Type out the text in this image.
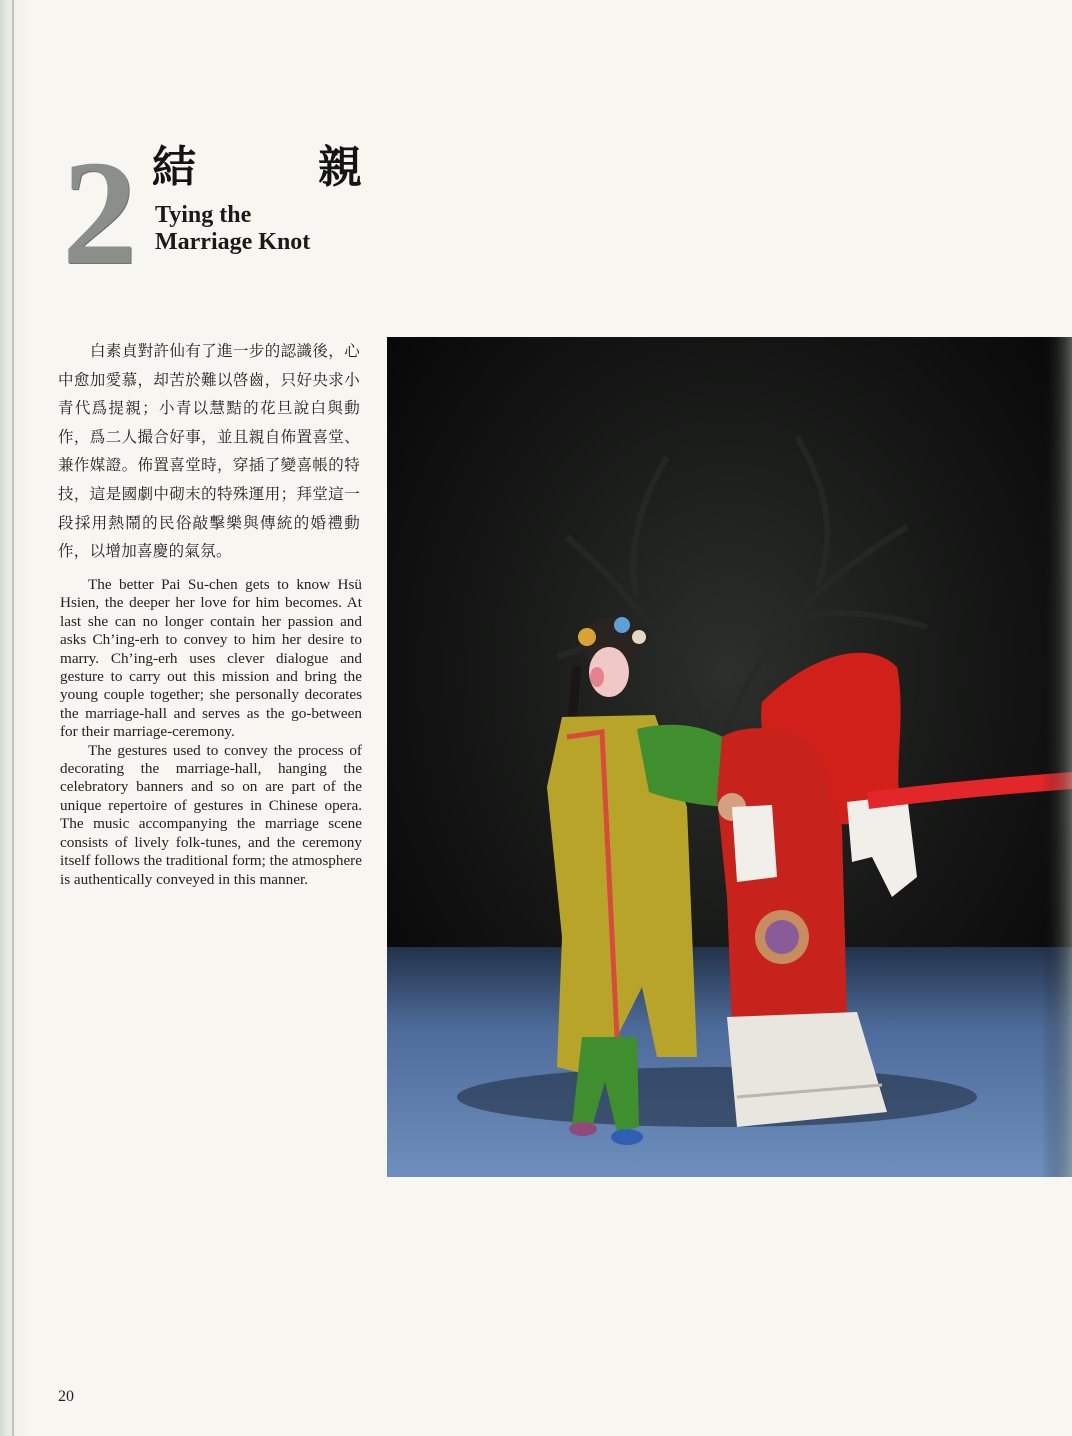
2 結	親
Tying the
Marriage Knot
白素貞對許仙有了進一步的認識後，心中愈加愛慕，却苦於難以啓齒，只好央求小青代爲提親；小青以慧黠的花旦說白與動作，爲二人撮合好事，並且親自佈置喜堂、兼作媒證。佈置喜堂時，穿插了變喜帳的特技，這是國劇中砌末的特殊運用；拜堂這一段採用熱鬧的民俗敲擊樂與傳統的婚禮動作，以增加喜慶的氣氛。

The better Pai Su-chen gets to know Hsü Hsien, the deeper her love for him becomes. At last she can no longer contain her passion and asks Ch’ing-erh to convey to him her desire to marry. Ch’ing-erh uses clever dialogue and gesture to carry out this mission and bring the young couple together; she personally decorates the marriage-hall and serves as the go-between for their marriage-ceremony.

The gestures used to convey the process of decorating the marriage-hall, hanging the celebratory banners and so on are part of the unique repertoire of gestures in Chinese opera. The music accompanying the marriage scene consists of lively folk-tunes, and the ceremony itself follows the traditional form; the atmosphere is authentically conveyed in this manner.

20
